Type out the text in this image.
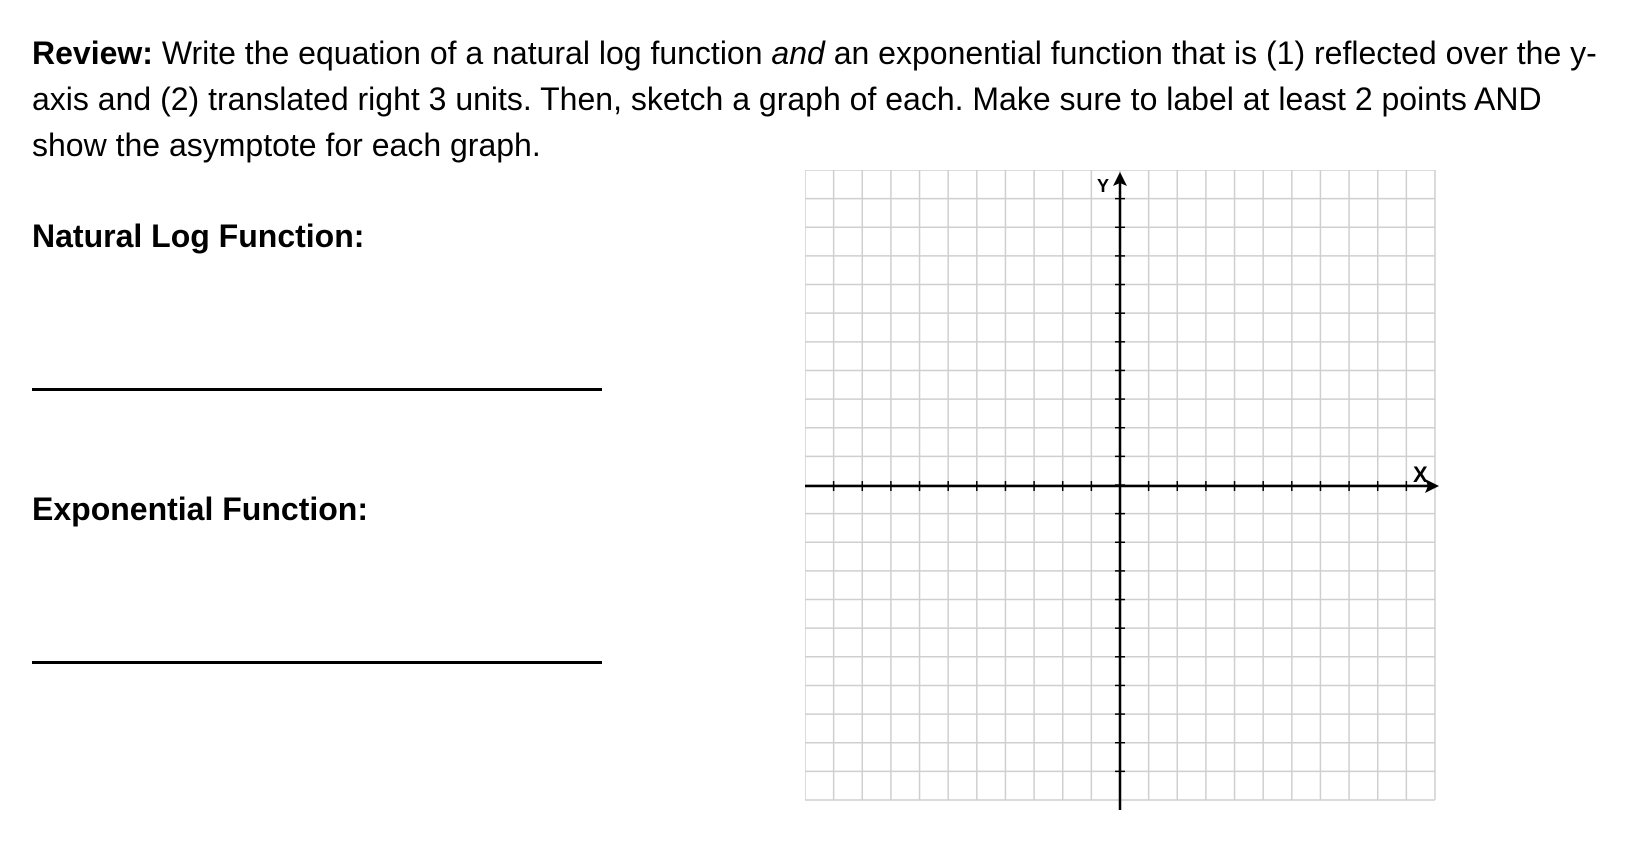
Review: Write the equation of a natural log function and an exponential function that is (1) reflected over the y-axis and (2) translated right 3 units. Then, sketch a graph of each. Make sure to label at least 2 points AND show the asymptote for each graph.

Natural Log Function:

Exponential Function:

X
Y
